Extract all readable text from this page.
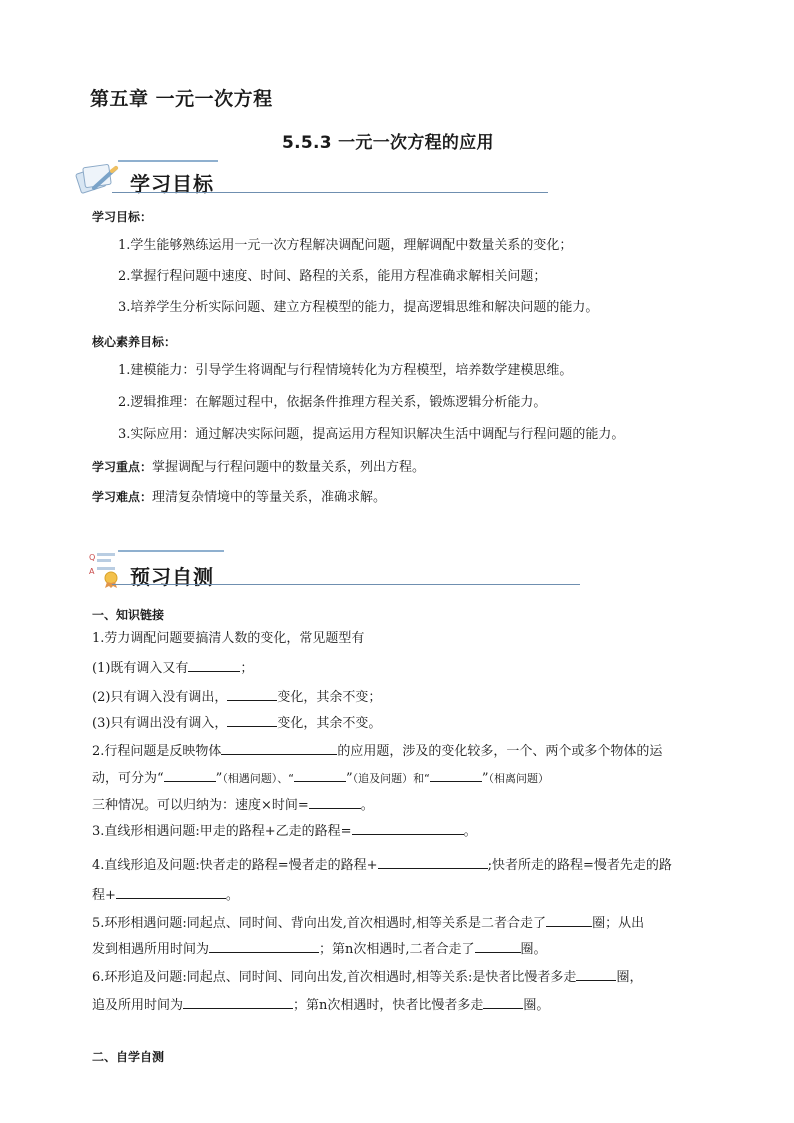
第五章 一元一次方程
5.5.3 一元一次方程的应用
学习目标
学习目标：
1.学生能够熟练运用一元一次方程解决调配问题，理解调配中数量关系的变化；
2.掌握行程问题中速度、时间、路程的关系，能用方程准确求解相关问题；
3.培养学生分析实际问题、建立方程模型的能力，提高逻辑思维和解决问题的能力。
核心素养目标：
1.建模能力：引导学生将调配与行程情境转化为方程模型，培养数学建模思维。
2.逻辑推理：在解题过程中，依据条件推理方程关系，锻炼逻辑分析能力。
3.实际应用：通过解决实际问题，提高运用方程知识解决生活中调配与行程问题的能力。
学习重点：掌握调配与行程问题中的数量关系，列出方程。
学习难点：理清复杂情境中的等量关系，准确求解。
Q
A 预习自测
一、知识链接
1.劳力调配问题要搞清人数的变化，常见题型有
(1)既有调入又有	；
(2)只有调入没有调出，	变化，其余不变；
(3)只有调出没有调入，	变化，其余不变。
2.行程问题是反映物体	的应用题，涉及的变化较多，一个、两个或多个物体的运
动，可分为“	”（相遇问题）、“	”（追及问题）和“	”（相离问题）
三种情况。可以归纳为：速度×时间=	。
3.直线形相遇问题:甲走的路程+乙走的路程=	。
4.直线形追及问题:快者走的路程=慢者走的路程+	;快者所走的路程=慢者先走的路
程+	。
5.环形相遇问题:同起点、同时间、背向出发,首次相遇时,相等关系是二者合走了	圈；从出
发到相遇所用时间为	；第n次相遇时,二者合走了	圈。
6.环形追及问题:同起点、同时间、同向出发,首次相遇时,相等关系:是快者比慢者多走	圈，
追及所用时间为	；第n次相遇时，快者比慢者多走	圈。
二、自学自测
